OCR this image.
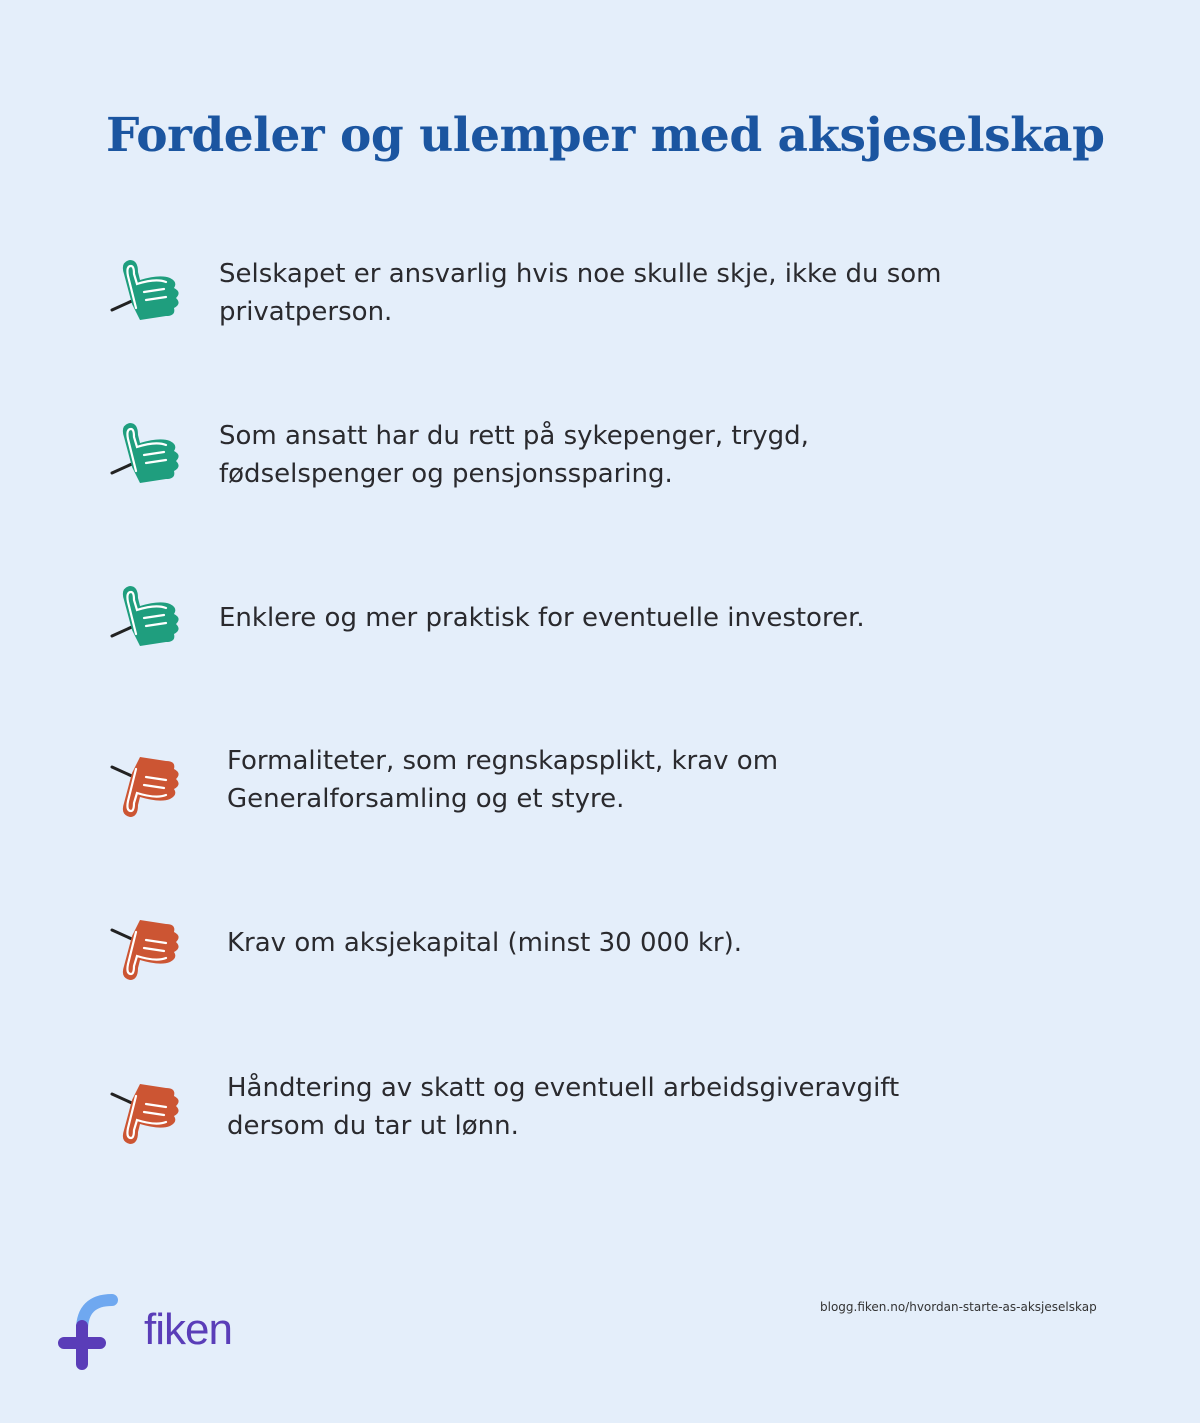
Fordeler og ulemper med aksjeselskap
Selskapet er ansvarlig hvis noe skulle skje, ikke du som privatperson.
Som ansatt har du rett på sykepenger, trygd, fødselspenger og pensjonssparing.
Enklere og mer praktisk for eventuelle investorer.
Formaliteter, som regnskapsplikt, krav om Generalforsamling og et styre.
Krav om aksjekapital (minst 30 000 kr).
Håndtering av skatt og eventuell arbeidsgiveravgift dersom du tar ut lønn.
fiken	blogg.fiken.no/hvordan-starte-as-aksjeselskap
